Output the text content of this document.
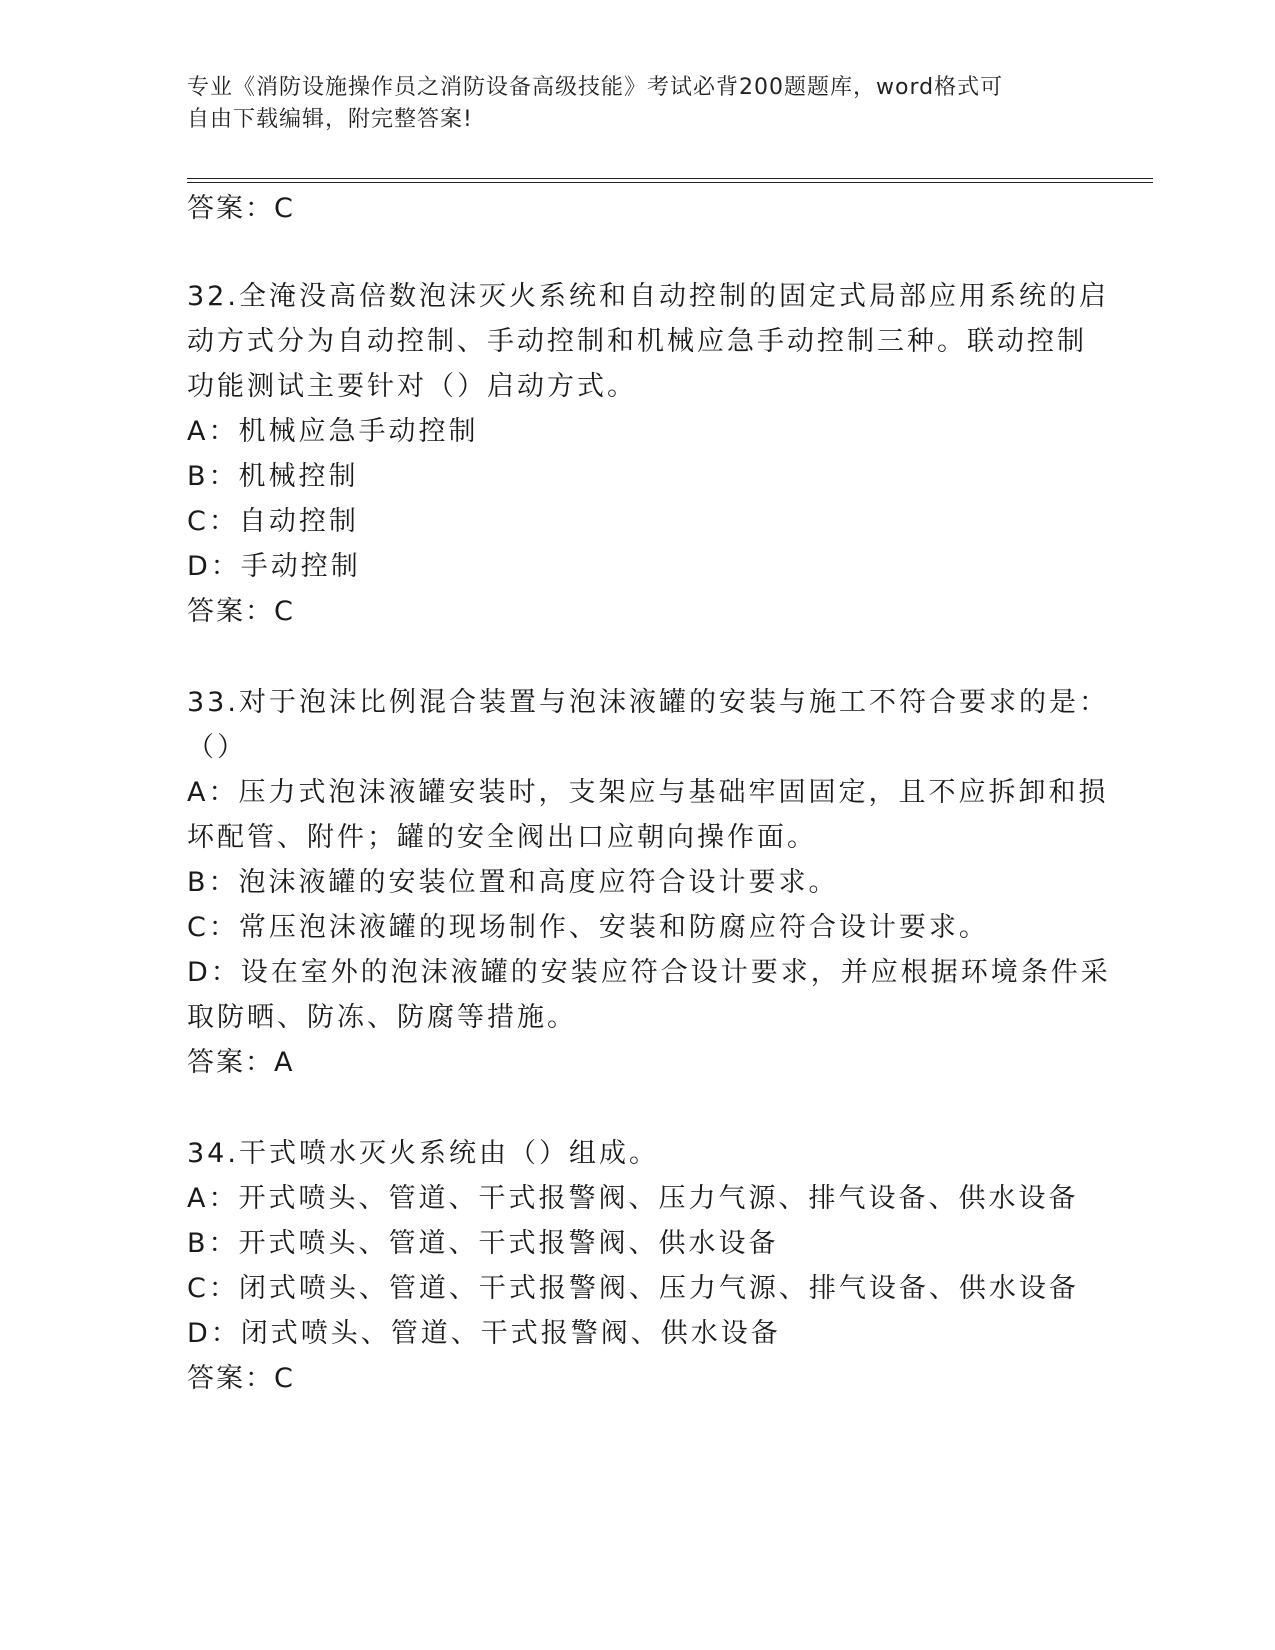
专业《消防设施操作员之消防设备高级技能》考试必背200题题库，word格式可
自由下载编辑，附完整答案!
答案：C
32.全淹没高倍数泡沫灭火系统和自动控制的固定式局部应用系统的启
动方式分为自动控制、手动控制和机械应急手动控制三种。联动控制
功能测试主要针对（）启动方式。
A：机械应急手动控制
B：机械控制
C：自动控制
D：手动控制
答案：C
33.对于泡沫比例混合装置与泡沫液罐的安装与施工不符合要求的是：
（）
A：压力式泡沫液罐安装时，支架应与基础牢固固定，且不应拆卸和损
坏配管、附件；罐的安全阀出口应朝向操作面。
B：泡沫液罐的安装位置和高度应符合设计要求。
C：常压泡沫液罐的现场制作、安装和防腐应符合设计要求。
D：设在室外的泡沫液罐的安装应符合设计要求，并应根据环境条件采
取防晒、防冻、防腐等措施。
答案：A
34.干式喷水灭火系统由（）组成。
A：开式喷头、管道、干式报警阀、压力气源、排气设备、供水设备
B：开式喷头、管道、干式报警阀、供水设备
C：闭式喷头、管道、干式报警阀、压力气源、排气设备、供水设备
D：闭式喷头、管道、干式报警阀、供水设备
答案：C
